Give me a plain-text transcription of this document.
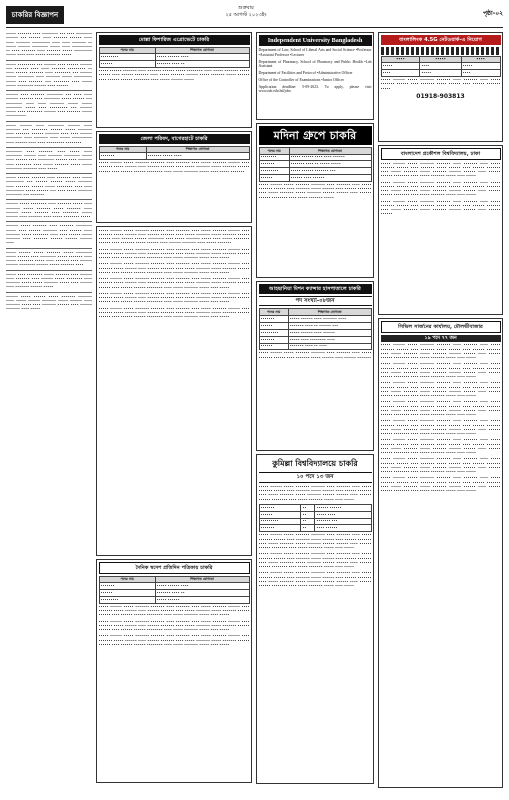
চাকরির বিজ্ঞাপন
শুক্রবার
২৫ আগস্ট ২০২৩ইং	পৃষ্ঠা-০২
••••• ••••••• •••• •••••••• ••• •••• •••••••• •••••• ••• •••••• •••• ••••••• •••••• •••• •••• ••••••• ••••••••• •••• •••• ••••••• •• ••••• •••••• •••••••• ••••• •••• •••••••••• •• •••• ••••••• •••• ••••••• ••••• ••••••••• ••••• •••• •••• ••••• ••••••• •••••
••••• ••••••••• ••• •••••• •••• •••••• •••••• ••• ••••••• •••• •••• ••••••• ••••••••• •• •••• •••••• ••••••• •••• •••••••• ••• •••••• ••••• •••••••• •••• ••••••• ••••• ••••••••• ••••• •••• ••••••• ••• •••••••• •••• ••••• ••••• •••••••• •••••• •••• ••••••
•••••• •••• ••••••• •••••••• ••• •••• •••• •••••• ••••••• •••• •••••••• ••••• •••••• ••• •••••••• •••• •••• ••••••• ••••• ••••• •••••••• ••••• •••• ••••••••• ••• •••••• ••••• •••• •••••••• •••••• •••• ••••••• ••••• ••••••••••
••••• •••••• •••• •••••••• •••••• •••• ••••••• ••• •••••••• •••••• ••••• ••••••• •••• ••••••• •••••• ••••••• •••• •••• •••••• •••••••• •••• ••••••• •••• ••••• •••••••••• •••• •••••• •••• •••• ••••••••• ••••••••
•••••••• •••• ••••••• •••• ••••• •••• •••••••• •••••• •••• ••••••• •••••••• ••••• •••• •••••• •••• •••••••• •••••• •••• ••••••• •••• •••••••• •••• ••••• ••••••• ••••• ••••• •••••••• ••••••• •••• •••••
••••• •••••• ••••••• •••• ••••••• •••• ••••• ••••••••• ••• •••••• •••••• ••••• ••••••• •••• ••••••• •••••• ••••• •••••••• •••• •••• ••••••••• ••••• •••••• ••• •••• ••••• ••••••• •••••••• ••• •••••••
•••••• ••••• •••••••• •••• ••••••• ••••• •••• ••••••• ••••• ••••••• ••••• ••••••• •••• •••••• ••••• ••••••• •••• •••••••• ••••• •••••• •••• ••••••• •••• ••••• •••••••• •••••
•••••• ••••• ••••••• •••• ••••••• •••••••• ••••• •••• •••••• ••••••• •••• •••••• •••• ••••••• ••••• •••••••• •••• •••• •••••• ••••• ••••••• •••• ••••••• •••••• •••••• •••••• ••••
••••• •••••• ••••• ••••••• ••••• •••••••• ••••• •••••• •••• •••••••• ••••• ••••••• •••• ••••• •••••••• ••••• •••• ••••••• •••• •••••• •••••• •••••••• •••••• ••••• ••••••• ••••
••••• •••• •••••••• ••••• ••••••• •••• •••••• •••• ••••••• •••• •••••• ••••• •••••••• •••• ••••••• ••••• ••••• ••••••• ••••• •••• •••••• •••• ••••••• •••••• •••••
•••••• ••••• •••••• ••••• ••••••• ••••••• •••• ••••• •••••• ••••••• ••••• •••••• •••• ••••••• ••••• •••• ••••••• •••••• •••• •••••• ••••••• •••• •••••
মোল্লা ফিশারিজ এগ্রোভেটে চাকরি
পদের নাম	শিক্ষাগত যোগ্যতা
•••••••••	••••• •••••• ••••
••••••	••••••• •••• ••
••••• •••••• ••••••• •••• ••••••• •••••• ••••• •••••••• •••• ••••• ••••••• ••••• •••••• •••• •••••• ••••••• •••• ••••• ••••••• •••••• ••••• ••••••• ••••• •••••• •••• •••••• •••••• •••••••• •••• ••••• •••••• •••••
জেলা পরিষদ, বাগেরহাটে চাকরি
পদের নাম	শিক্ষাগত যোগ্যতা
•••••••	••••••• ••••• ••••
••••• •••••• ••••• ••••••• ••••••• •••• ••••••• •••• ••••• ••••••• •••••• •••• ••••••• ••••• •••••• •••• •••••• ••••••• •••• ••••• ••••••• ••••• ••••••• •••••• •••••• •••• •••••• •••••• •••••••• •••• ••••• ••••••• ••••• •••• ••••• •••••••
••••• •••••• ••••• ••••••• ••••••• •••• ••••••• •••• ••••• ••••••• •••••• •••• ••••••• ••••• •••••• •••• •••••• ••••••• •••• ••••• ••••••• ••••• ••••••• •••••• •••••• •••• •••••• •••••• •••••••• •••• ••••• ••••••• ••••• •••• ••••• •••••••• •••••• •••• ••••••• ••••• •••••• •••• •••••• ••••••• •••• ••••• •••••••
••••• •••••• ••••• ••••••• ••••••• •••• ••••••• •••• ••••• ••••••• •••••• •••• ••••••• ••••• •••••• •••• •••••• ••••••• •••• ••••• ••••••• ••••• ••••••• •••••• •••••• •••• •••••• •••••• •••••••• •••• ••••• ••••••• ••••• •••• •••••
••••• •••••• ••••• ••••••• ••••••• •••• ••••••• •••• ••••• ••••••• •••••• •••• ••••••• ••••• •••••• •••• •••••• ••••••• •••• ••••• ••••••• ••••• ••••••• •••••• •••••• •••• •••••• •••••• •••••••• •••• ••••• ••••••• ••••• •••• •••••
••••• •••••• ••••• ••••••• ••••••• •••• ••••••• •••• ••••• ••••••• •••••• •••• ••••••• ••••• •••••• •••• •••••• ••••••• •••• ••••• ••••••• ••••• ••••••• •••••• •••••• •••• •••••• •••••• •••••••• •••• ••••• ••••••• ••••• •••• •••••
••••• •••••• ••••• ••••••• ••••••• •••• ••••••• •••• ••••• ••••••• •••••• •••• ••••••• ••••• •••••• •••• •••••• ••••••• •••• ••••• ••••••• ••••• ••••••• •••••• •••••• •••• •••••• •••••• •••••••• •••• ••••• ••••••• ••••• •••• •••••
••••• •••••• ••••• ••••••• ••••••• •••• ••••••• •••• ••••• ••••••• •••••• •••• ••••••• ••••• •••••• •••• •••••• ••••••• •••• ••••• ••••••• ••••• ••••••• •••••• •••••• •••• •••••• •••••• •••••••• •••• ••••• ••••••• ••••• •••• •••••
দৈনিক স্বদেশ প্রতিদিন পত্রিকায় চাকরি
পদের নাম	শিক্ষাগত যোগ্যতা
•••••••	••••• •••••• ••••
••••••	••••••• •••• ••
•••••••••	••••• ••••••
••••• •••••• ••••• ••••••• ••••••• •••• ••••••• •••• ••••• ••••••• •••••• •••• ••••••• ••••• •••••• •••• •••••• ••••••• •••• ••••• ••••••• ••••• ••••••• •••••• •••••• •••• •••••• •••••• •••••••• •••• ••••• ••••••• ••••• •••• •••••
••••• •••••• ••••• ••••••• ••••••• •••• ••••••• •••• ••••• ••••••• •••••• •••• ••••••• ••••• •••••• •••• •••••• ••••••• •••• ••••• ••••••• ••••• ••••••• •••••• •••••• •••• •••••• •••••• •••••••• •••• ••••• ••••••• ••••• •••• •••••
••••• •••••• ••••• ••••••• ••••••• •••• ••••••• •••• ••••• ••••••• •••••• •••• ••••••• ••••• •••••• •••• •••••• ••••••• •••• ••••• ••••••• ••••• ••••••• •••••• •••••• •••• •••••• •••••• •••••••• •••• ••••• ••••••• ••••• •••• •••••
Independent University Bangladesh
Department of Law, School of Liberal Arts and Social Science •Professor •Assistant Professor •Lecturer
Department of Pharmacy, School of Pharmacy and Public Health •Lab Assistant
Department of Facilities and Protocol •Administrative Officer
Office of the Controller of Examinations •Junior Officer
Application deadline: 5-09-2023. To apply, please visit www.iub.edu.bd/jobs
মদিনা গ্রুপে চাকরি
পদের নাম	শিক্ষাগত যোগ্যতা
••••••••	••••• •••••• •••• •••• ••••••
•••••••	••••••• •••• •• ••••• •••••
•••••••••	••••• •••••• ••••••• •••
••••••	•••••• •••• ••••••
••••• •••••• ••••• ••••••• ••••••• •••• ••••••• •••• ••••• ••••••• •••••• •••• ••••••• ••••• •••••• •••• •••••• ••••••• •••• ••••• ••••••• ••••• ••••••• •••••• •••••• •••• •••••• •••••• •••••••• •••• ••••• ••••••• •••••
আহছানিয়া মিশন ক্যান্সার হাসপাতালে চাকরি
পদ সংখ্যা-০৮জন
পদের নাম	শিক্ষাগত যোগ্যতা
•••••••	••••• •••••• •••• ••••••• ••••
••••••	••••••• •••• •• •••••• •••
•••••••••	••••• •••••• •••• ••••••
•••••••	••••• •••• •••••••• ••••
••••••	••••••• •••• •• ••••
••••• •••••• ••••• ••••••• ••••••• •••• ••••••• •••• ••••• ••••••• •••••• •••• ••••••• ••••• •••••• •••• •••••• •••••••
কুমিল্লা বিশ্ববিদ্যালয়ে চাকরি
১০ পদে ১৩ জন
••••• •••••• ••••• ••••••• ••••••• •••• ••••••• •••• ••••• ••••••• •••••• •••• ••••••• ••••• •••••• •••• •••••• ••••••• •••• ••••• ••••••• ••••• ••••••• •••••• •••••• •••• •••••• •••••• •••••••• •••• ••••• ••••••• ••••• •••• •••••
•••••••	••	•••••• ••••••
••••••	••	••••• ••••
•••••••••	••	••••••• •••
•••••••	••	•••• ••••••
••••• •••••• ••••• ••••••• ••••••• •••• ••••••• •••• ••••• ••••••• •••••• •••• ••••••• ••••• •••••• •••• •••••• ••••••• •••• ••••• ••••••• ••••• ••••••• •••••• •••••• •••• •••••• •••••• •••••••• •••• ••••• ••••••• ••••• •••• •••••
••••• •••••• ••••• ••••••• ••••••• •••• ••••••• •••• ••••• ••••••• •••••• •••• ••••••• ••••• •••••• •••• •••••• ••••••• •••• ••••• ••••••• ••••• ••••••• •••••• •••••• •••• •••••• •••••• •••••••• •••• ••••• ••••••• ••••• •••• •••••
••••• •••••• ••••• ••••••• ••••••• •••• ••••••• •••• ••••• ••••••• •••••• •••• ••••••• ••••• •••••• •••• •••••• ••••••• •••• ••••• ••••••• ••••• ••••••• •••••• •••••• •••• •••••• •••••• •••••••• •••• ••••• ••••••• ••••• •••• •••••
বাংলালিংক 4.5G নেটওয়ার্ক-এ নিয়োগ
••••	•••••	••••
•••••	••••	•••••
••••	•••••	••••
••••• •••••• ••••• ••••••• ••••••• •••• ••••••• •••• ••••• ••••••• •••••• •••• ••••••• ••••• •••••• •••• •••••• ••••••• •••••
01918-903813
বাংলাদেশ প্রকৌশল বিশ্ববিদ্যালয়, ঢাকা
••••• •••••• ••••• ••••••• ••••••• •••• ••••••• •••• ••••• ••••••• •••••• •••• ••••••• ••••• •••••• •••• •••••• ••••••• •••• ••••• ••••••• ••••• ••••••• •••••• •••••• •••• •••••• •••••• •••••••• •••• ••••• ••••••• ••••• •••• •••••
••••• •••••• ••••• ••••••• ••••••• •••• ••••••• •••• ••••• ••••••• •••••• •••• ••••••• ••••• •••••• •••• •••••• ••••••• •••• ••••• ••••••• ••••• ••••••• •••••• •••••• •••• •••••• •••••• •••••••• •••• ••••• ••••••• ••••• •••• •••••
••••• •••••• ••••• ••••••• ••••••• •••• ••••••• •••• ••••• ••••••• •••••• •••• ••••••• ••••• •••••• •••• •••••• ••••••• •••• ••••• ••••••• ••••• ••••••• •••••• •••••• •••• •••••• ••••••
সিভিল সার্জনের কার্যালয়, মৌলভীবাজার
১৯ পদে ৭৭ জন
••••• •••••• ••••• ••••••• ••••••• •••• ••••••• •••• ••••• ••••••• •••••• •••• ••••••• ••••• •••••• •••• •••••• ••••••• •••• ••••• ••••••• ••••• ••••••• •••••• •••••• •••• •••••• •••••• •••••••• •••• ••••• ••••••• ••••• •••• •••••
••••• •••••• ••••• ••••••• ••••••• •••• ••••••• •••• ••••• ••••••• •••••• •••• ••••••• ••••• •••••• •••• •••••• ••••••• •••• ••••• ••••••• ••••• ••••••• •••••• •••••• •••• •••••• •••••• •••••••• •••• ••••• ••••••• ••••• •••• •••••
••••• •••••• ••••• ••••••• ••••••• •••• ••••••• •••• ••••• ••••••• •••••• •••• ••••••• ••••• •••••• •••• •••••• ••••••• •••• ••••• ••••••• ••••• ••••••• •••••• •••••• •••• •••••• •••••• •••••••• •••• ••••• ••••••• ••••• •••• •••••
••••• •••••• ••••• ••••••• ••••••• •••• ••••••• •••• ••••• ••••••• •••••• •••• ••••••• ••••• •••••• •••• •••••• ••••••• •••• ••••• ••••••• ••••• ••••••• •••••• •••••• •••• •••••• •••••• •••••••• •••• ••••• ••••••• ••••• •••• •••••
••••• •••••• ••••• ••••••• ••••••• •••• ••••••• •••• ••••• ••••••• •••••• •••• ••••••• ••••• •••••• •••• •••••• ••••••• •••• ••••• ••••••• ••••• ••••••• •••••• •••••• •••• •••••• •••••• •••••••• •••• ••••• ••••••• ••••• •••• •••••
••••• •••••• ••••• ••••••• ••••••• •••• ••••••• •••• ••••• ••••••• •••••• •••• ••••••• ••••• •••••• •••• •••••• ••••••• •••• ••••• ••••••• ••••• ••••••• •••••• •••••• •••• •••••• •••••• •••••••• •••• ••••• ••••••• ••••• •••• •••••
••••• •••••• ••••• ••••••• ••••••• •••• ••••••• •••• ••••• ••••••• •••••• •••• ••••••• ••••• •••••• •••• •••••• ••••••• •••• ••••• ••••••• ••••• ••••••• •••••• •••••• •••• •••••• •••••• •••••••• •••• ••••• ••••••• ••••• •••• •••••
••••• •••••• ••••• ••••••• ••••••• •••• ••••••• •••• ••••• ••••••• •••••• •••• ••••••• ••••• •••••• •••• •••••• ••••••• •••• ••••• ••••••• ••••• ••••••• •••••• •••••• •••• •••••• •••••• •••••••• •••• ••••• ••••••• ••••• •••• •••••
